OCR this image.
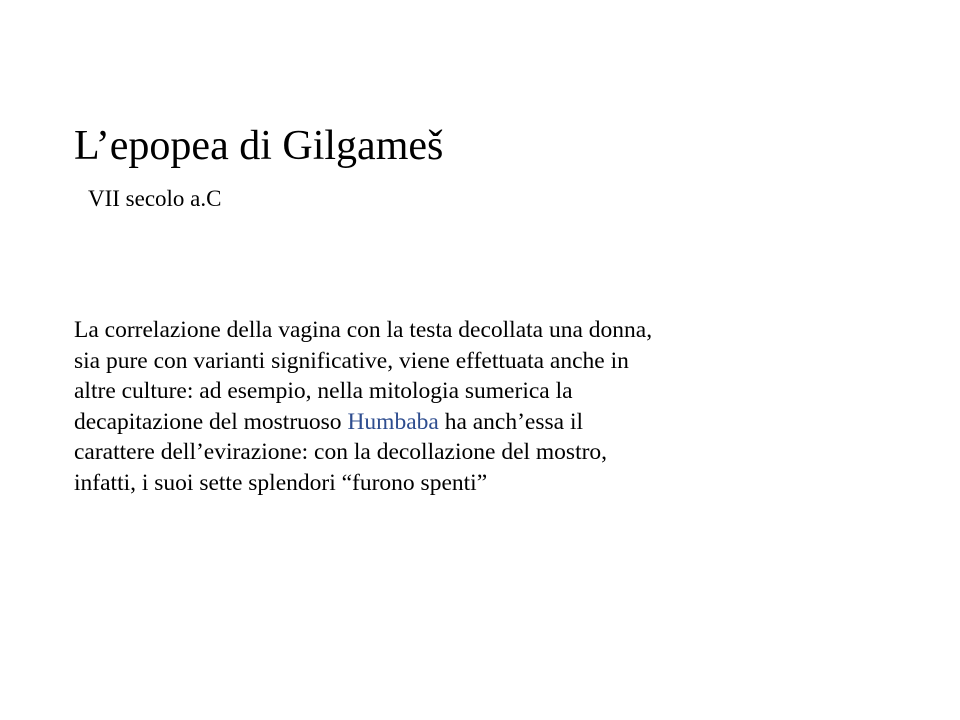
L’epopea di Gilgameš
VII secolo a.C

La correlazione della vagina con la testa decollata una donna,
sia pure con varianti significative, viene effettuata anche in
altre culture: ad esempio, nella mitologia sumerica la
decapitazione del mostruoso Humbaba ha anch’essa il
carattere dell’evirazione: con la decollazione del mostro,
infatti, i suoi sette splendori “furono spenti”
